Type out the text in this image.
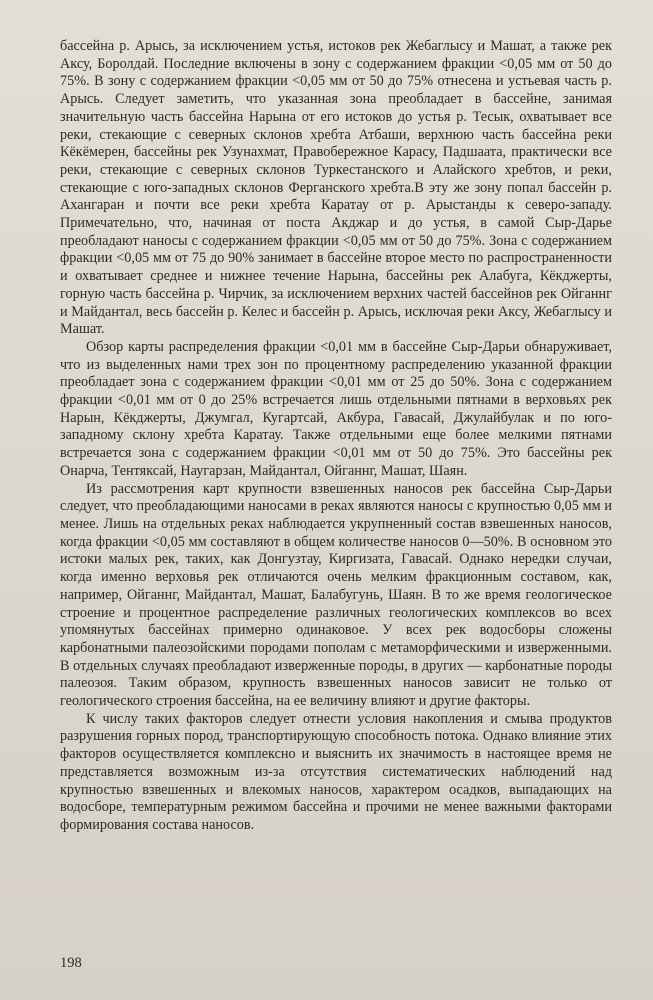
бассейна р. Арысь, за исключением устья, истоков рек Жебаглысу и Машат, а также рек Аксу, Боролдай. Последние включены в зону с содержанием фракции <0,05 мм от 50 до 75%. В зону с содержанием фракции <0,05 мм от 50 до 75% отнесена и устьевая часть р. Арысь. Следует заметить, что указанная зона преобладает в бассейне, занимая значительную часть бассейна Нарына от его истоков до устья р. Тесык, охватывает все реки, стекающие с северных склонов хребта Атбаши, верхнюю часть бассейна реки Кёкёмерен, бассейны рек Узунахмат, Правобережное Карасу, Падшаата, практически все реки, стекающие с северных склонов Туркестанского и Алайского хребтов, и реки, стекающие с юго-западных склонов Ферганского хребта.В эту же зону попал бассейн р. Ахангаран и почти все реки хребта Каратау от р. Арыстанды к северо-западу. Примечательно, что, начиная от поста Акджар и до устья, в самой Сыр-Дарье преобладают наносы с содержанием фракции <0,05 мм от 50 до 75%. Зона с содержанием фракции <0,05 мм от 75 до 90% занимает в бассейне второе место по распространенности и охватывает среднее и нижнее течение Нарына, бассейны рек Алабуга, Кёкджерты, горную часть бассейна р. Чирчик, за исключением верхних частей бассейнов рек Ойганнг и Майдантал, весь бассейн р. Келес и бассейн р. Арысь, исключая реки Аксу, Жебаглысу и Машат.

Обзор карты распределения фракции <0,01 мм в бассейне Сыр-Дарьи обнаруживает, что из выделенных нами трех зон по процентному распределению указанной фракции преобладает зона с содержанием фракции <0,01 мм от 25 до 50%. Зона с содержанием фракции <0,01 мм от 0 до 25% встречается лишь отдельными пятнами в верховьях рек Нарын, Кёкджерты, Джумгал, Кугартсай, Акбура, Гавасай, Джулайбулак и по юго-западному склону хребта Каратау. Также отдельными еще более мелкими пятнами встречается зона с содержанием фракции <0,01 мм от 50 до 75%. Это бассейны рек Онарча, Тентяксай, Наугарзан, Майдантал, Ойганнг, Машат, Шаян.

Из рассмотрения карт крупности взвешенных наносов рек бассейна Сыр-Дарьи следует, что преобладающими наносами в реках являются наносы с крупностью 0,05 мм и менее. Лишь на отдельных реках наблюдается укрупненный состав взвешенных наносов, когда фракции <0,05 мм составляют в общем количестве наносов 0—50%. В основном это истоки малых рек, таких, как Донгузтау, Киргизата, Гавасай. Однако нередки случаи, когда именно верховья рек отличаются очень мелким фракционным составом, как, например, Ойганнг, Майдантал, Машат, Балабугунь, Шаян. В то же время геологическое строение и процентное распределение различных геологических комплексов во всех упомянутых бассейнах примерно одинаковое. У всех рек водосборы сложены карбонатными палеозойскими породами пополам с метаморфическими и изверженными. В отдельных случаях преобладают изверженные породы, в других — карбонатные породы палеозоя. Таким образом, крупность взвешенных наносов зависит не только от геологического строения бассейна, на ее величину влияют и другие факторы.

К числу таких факторов следует отнести условия накопления и смыва продуктов разрушения горных пород, транспортирующую способность потока. Однако влияние этих факторов осуществляется комплексно и выяснить их значимость в настоящее время не представляется возможным из-за отсутствия систематических наблюдений над крупностью взвешенных и влекомых наносов, характером осадков, выпадающих на водосборе, температурным режимом бассейна и прочими не менее важными факторами формирования состава наносов.

198
